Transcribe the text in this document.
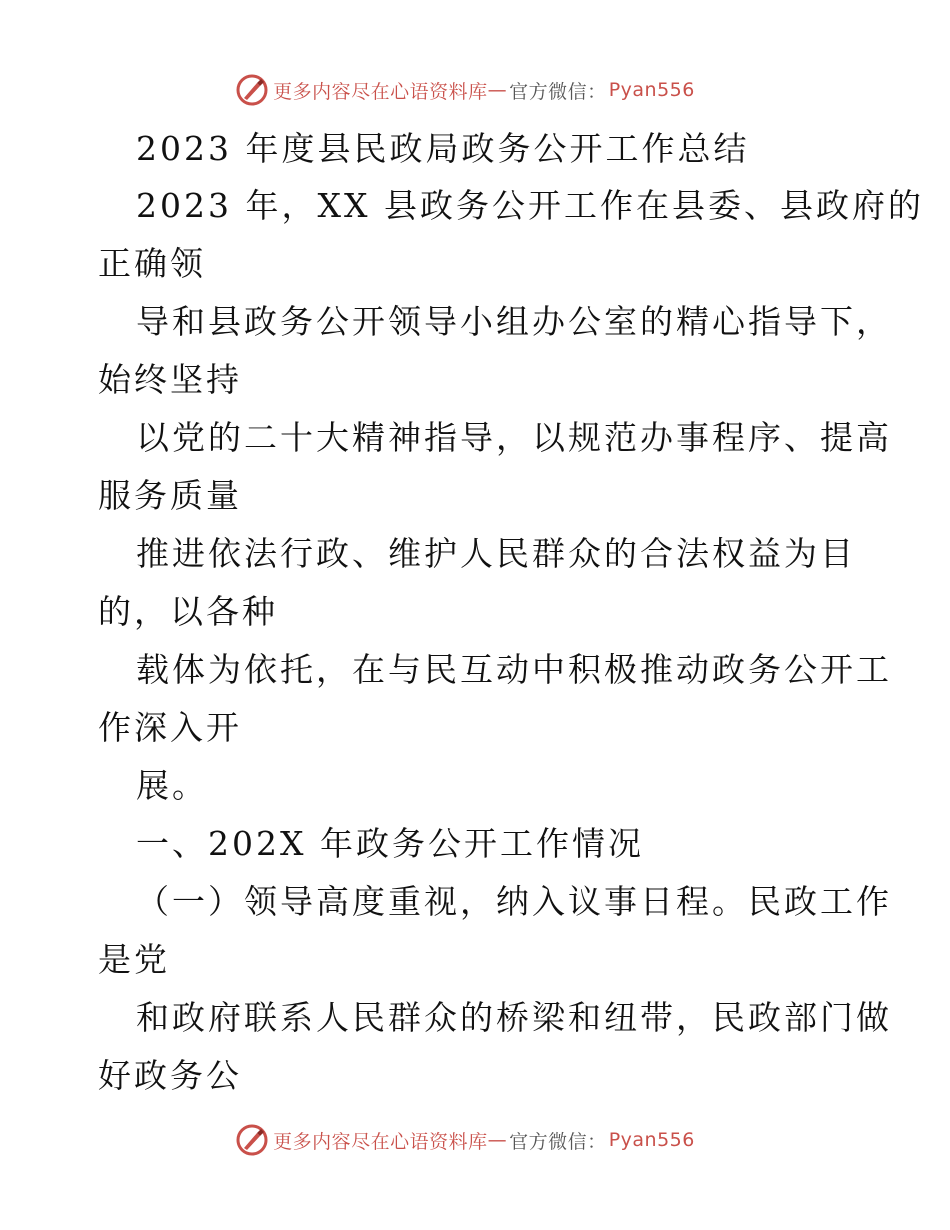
更多内容尽在心语资料库 — 官方微信： Pyan556
2023 年度县民政局政务公开工作总结
2023 年，XX 县政务公开工作在县委、县政府的
正确领
导和县政务公开领导小组办公室的精心指导下，
始终坚持
以党的二十大精神指导，以规范办事程序、提高
服务质量
推进依法行政、维护人民群众的合法权益为目
的，以各种
载体为依托，在与民互动中积极推动政务公开工
作深入开
展。
一、202X 年政务公开工作情况
（一）领导高度重视，纳入议事日程。民政工作
是党
和政府联系人民群众的桥梁和纽带，民政部门做
好政务公
更多内容尽在心语资料库 — 官方微信： Pyan556
